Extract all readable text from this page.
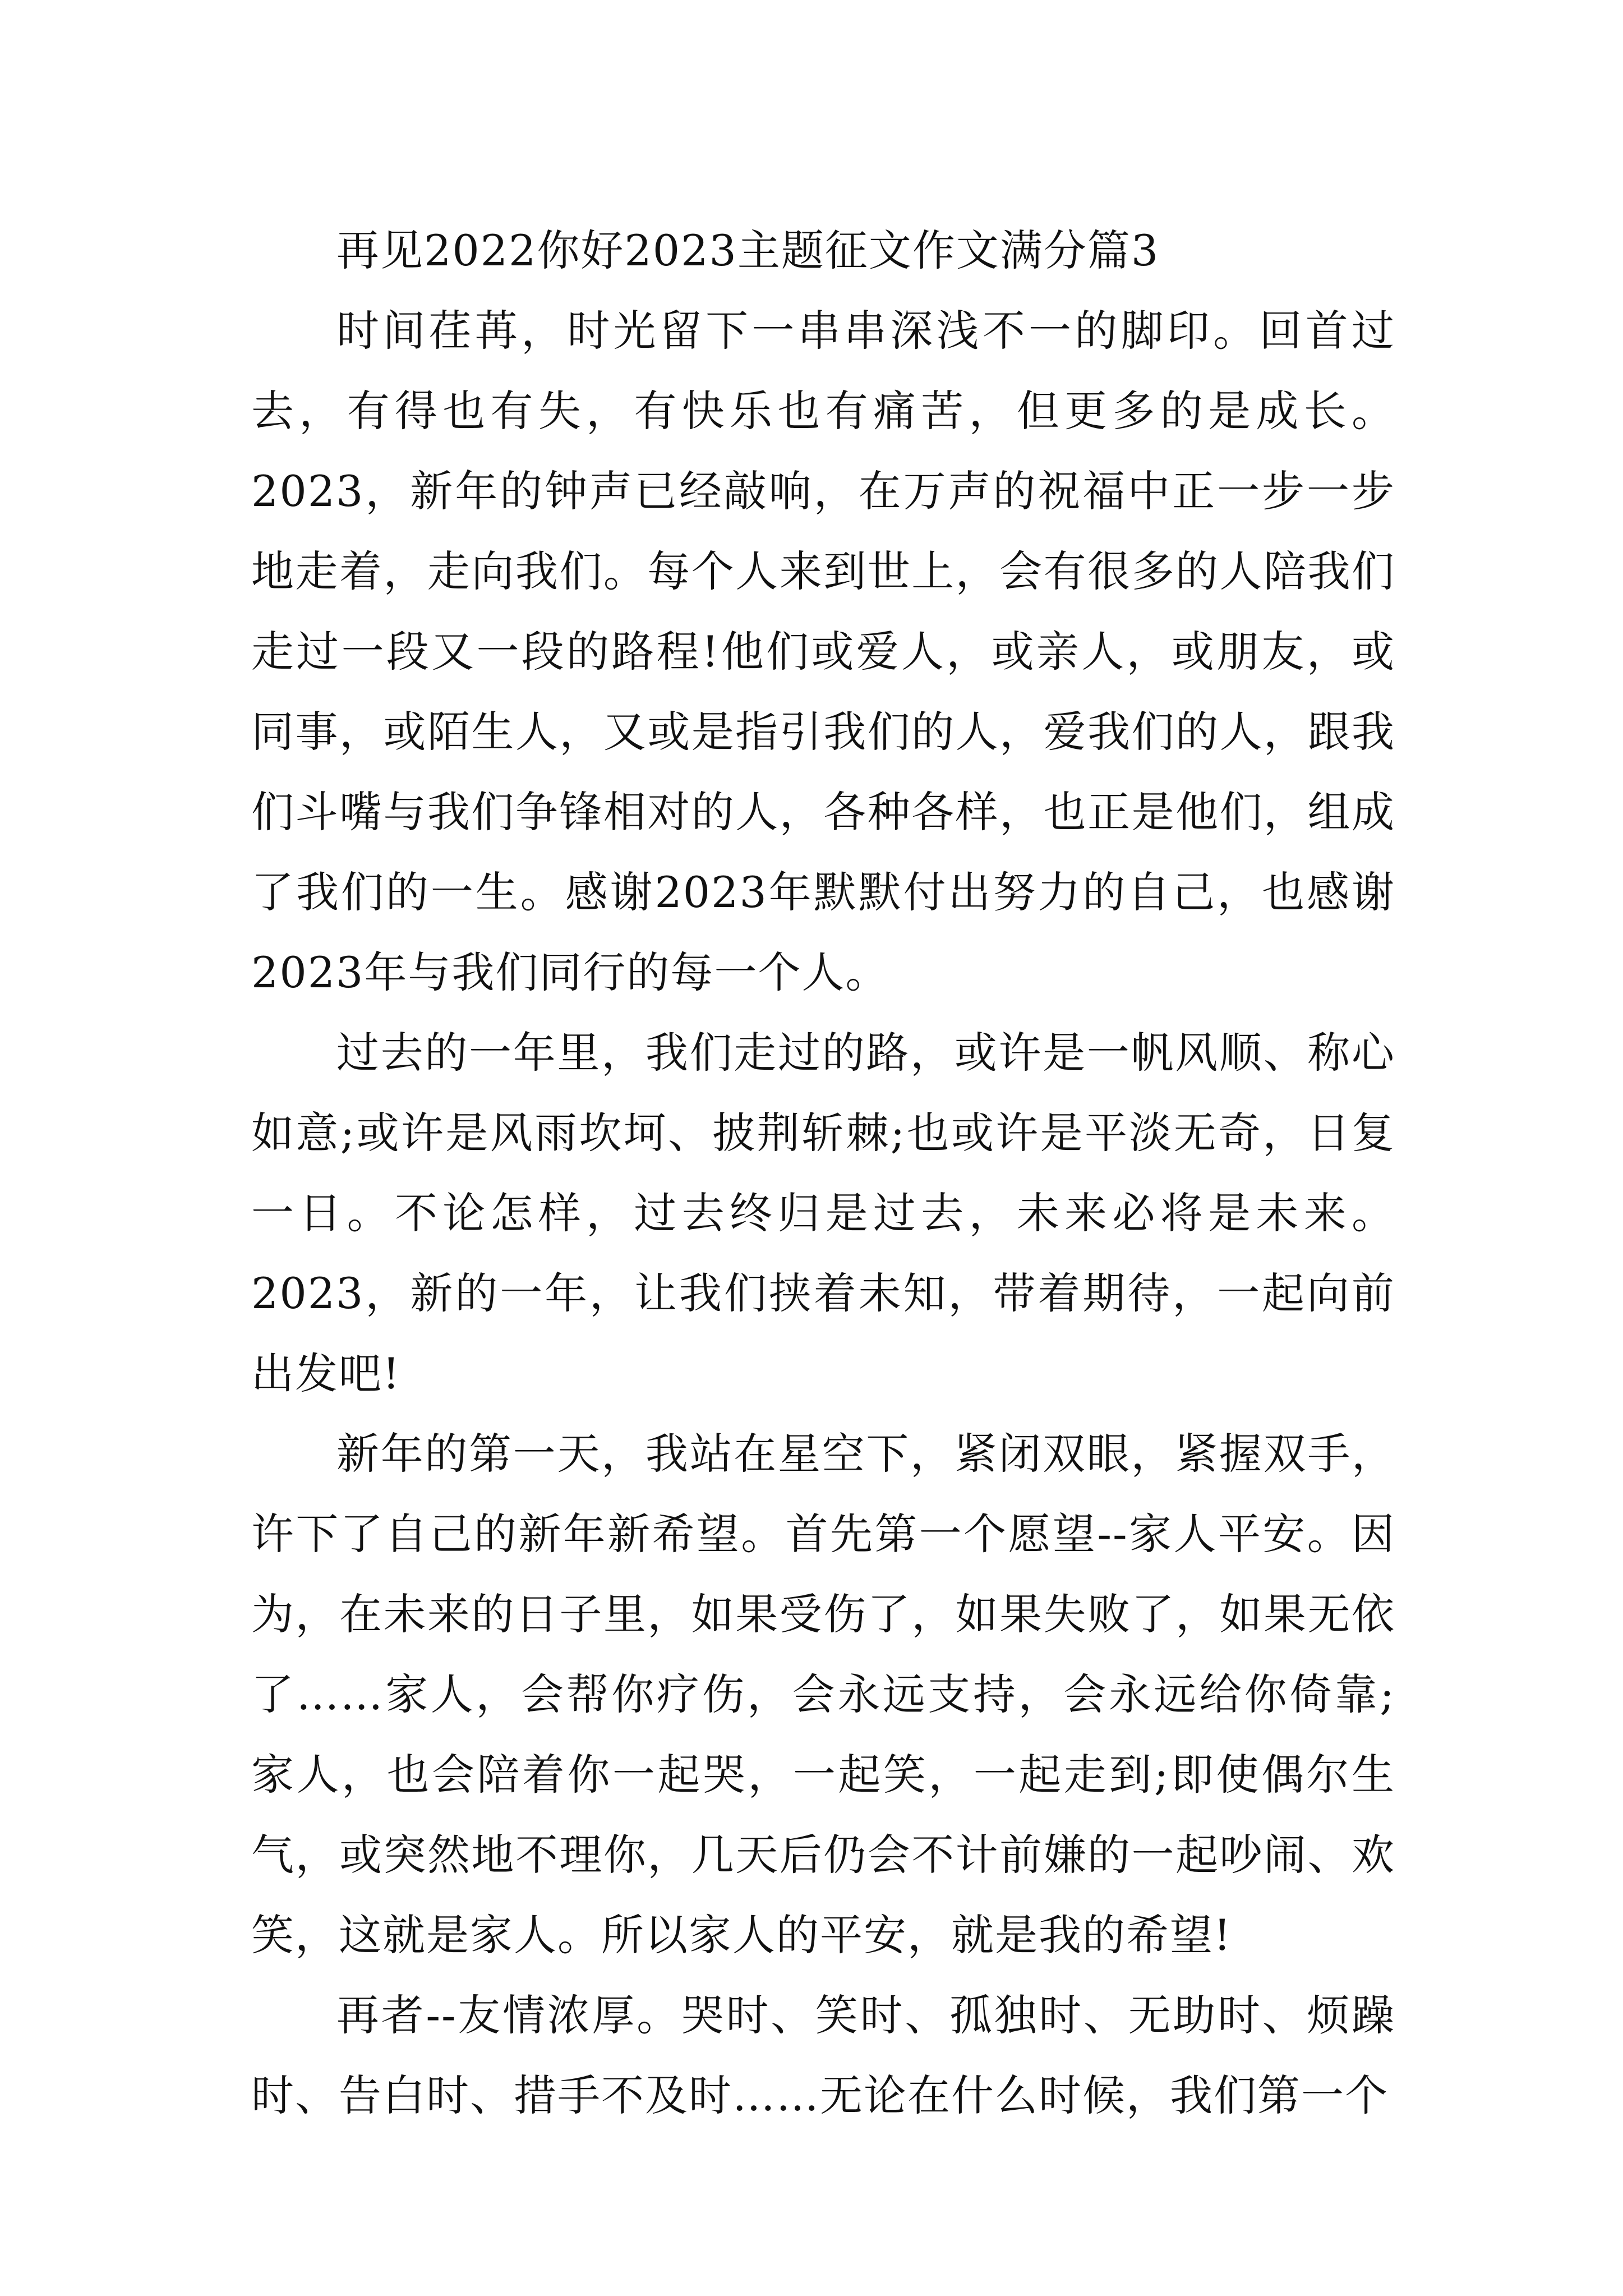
再见2022你好2023主题征文作文满分篇3

时间荏苒，时光留下一串串深浅不一的脚印。回首过去，有得也有失，有快乐也有痛苦，但更多的是成长。2023，新年的钟声已经敲响，在万声的祝福中正一步一步地走着，走向我们。每个人来到世上，会有很多的人陪我们走过一段又一段的路程!他们或爱人，或亲人，或朋友，或同事，或陌生人，又或是指引我们的人，爱我们的人，跟我们斗嘴与我们争锋相对的人，各种各样，也正是他们，组成了我们的一生。感谢2023年默默付出努力的自己，也感谢2023年与我们同行的每一个人。

过去的一年里，我们走过的路，或许是一帆风顺、称心如意;或许是风雨坎坷、披荆斩棘;也或许是平淡无奇，日复一日。不论怎样，过去终归是过去，未来必将是未来。2023，新的一年，让我们挟着未知，带着期待，一起向前出发吧!

新年的第一天，我站在星空下，紧闭双眼，紧握双手，许下了自己的新年新希望。首先第一个愿望--家人平安。因为，在未来的日子里，如果受伤了，如果失败了，如果无依了……家人，会帮你疗伤，会永远支持，会永远给你倚靠;家人，也会陪着你一起哭，一起笑，一起走到;即使偶尔生气，或突然地不理你，几天后仍会不计前嫌的一起吵闹、欢笑，这就是家人。所以家人的平安，就是我的希望!

再者--友情浓厚。哭时、笑时、孤独时、无助时、烦躁时、告白时、措手不及时……无论在什么时候，我们第一个
